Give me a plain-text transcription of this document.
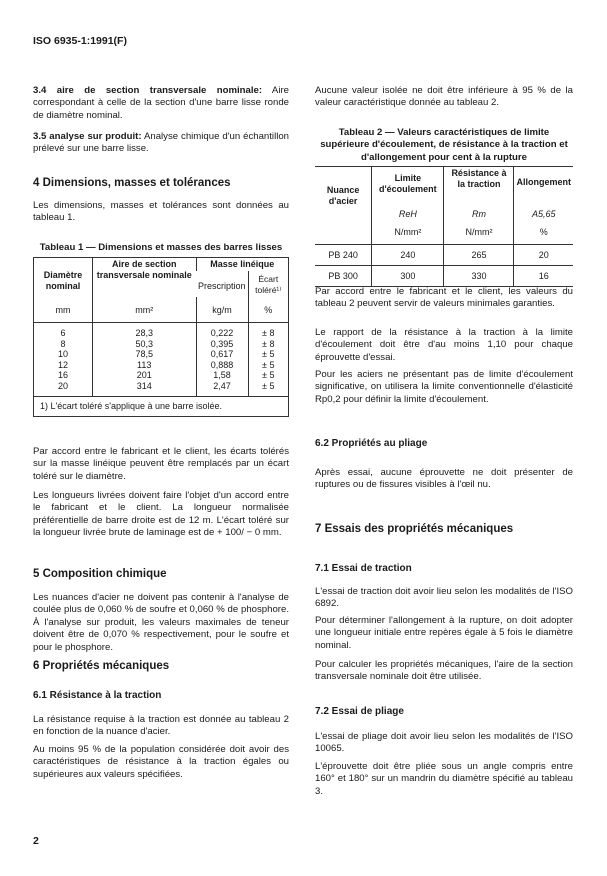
ISO 6935-1:1991(F)

3.4 aire de section transversale nominale: Aire correspondant à celle de la section d'une barre lisse ronde de diamètre nominal.

3.5 analyse sur produit: Analyse chimique d'un échantillon prélevé sur une barre lisse.

4 Dimensions, masses et tolérances

Les dimensions, masses et tolérances sont données au tableau 1.

Tableau 1 — Dimensions et masses des barres lisses
Diamètre nominal	Aire de section transversale nominale	Masse linéique	
		Prescription	Écart toléré¹⁾
mm	mm²	kg/m	%
6	28,3	0,222	± 8
8	50,3	0,395	± 8
10	78,5	0,617	± 5
12	113	0,888	± 5
16	201	1,58	± 5
20	314	2,47	± 5
1) L'écart toléré s'applique à une barre isolée.			

Par accord entre le fabricant et le client, les écarts tolérés sur la masse linéique peuvent être remplacés par un écart toléré sur le diamètre.

Les longueurs livrées doivent faire l'objet d'un accord entre le fabricant et le client. La longueur normalisée préférentielle de barre droite est de 12 m. L'écart toléré sur la longueur livrée brute de laminage est de + 100/ − 0 mm.

5 Composition chimique

Les nuances d'acier ne doivent pas contenir à l'analyse de coulée plus de 0,060 % de soufre et 0,060 % de phosphore. À l'analyse sur produit, les valeurs maximales de teneur doivent être de 0,070 % respectivement, pour le soufre et pour le phosphore.

6 Propriétés mécaniques
6.1 Résistance à la traction

La résistance requise à la traction est donnée au tableau 2 en fonction de la nuance d'acier.

Au moins 95 % de la population considérée doit avoir des caractéristiques de résistance à la traction égales ou supérieures aux valeurs spécifiées.

2

Aucune valeur isolée ne doit être inférieure à 95 % de la valeur caractéristique donnée au tableau 2.

Tableau 2 — Valeurs caractéristiques de limite supérieure d'écoulement, de résistance à la traction et d'allongement pour cent à la rupture
Nuance d'acier	Limite d'écoulement	Résistance à la traction	Allongement
	ReH	Rm	A5,65
	N/mm²	N/mm²	%
PB 240	240	265	20
PB 300	300	330	16

Par accord entre le fabricant et le client, les valeurs du tableau 2 peuvent servir de valeurs minimales garanties.

Le rapport de la résistance à la traction à la limite d'écoulement doit être d'au moins 1,10 pour chaque éprouvette d'essai.

Pour les aciers ne présentant pas de limite d'écoulement significative, on utilisera la limite conventionnelle d'élasticité Rp0,2 pour définir la limite d'écoulement.

6.2 Propriétés au pliage

Après essai, aucune éprouvette ne doit présenter de ruptures ou de fissures visibles à l'œil nu.

7 Essais des propriétés mécaniques
7.1 Essai de traction

L'essai de traction doit avoir lieu selon les modalités de l'ISO 6892.

Pour déterminer l'allongement à la rupture, on doit adopter une longueur initiale entre repères égale à 5 fois le diamètre nominal.

Pour calculer les propriétés mécaniques, l'aire de la section transversale nominale doit être utilisée.

7.2 Essai de pliage

L'essai de pliage doit avoir lieu selon les modalités de l'ISO 10065.

L'éprouvette doit être pliée sous un angle compris entre 160° et 180° sur un mandrin du diamètre spécifié au tableau 3.
